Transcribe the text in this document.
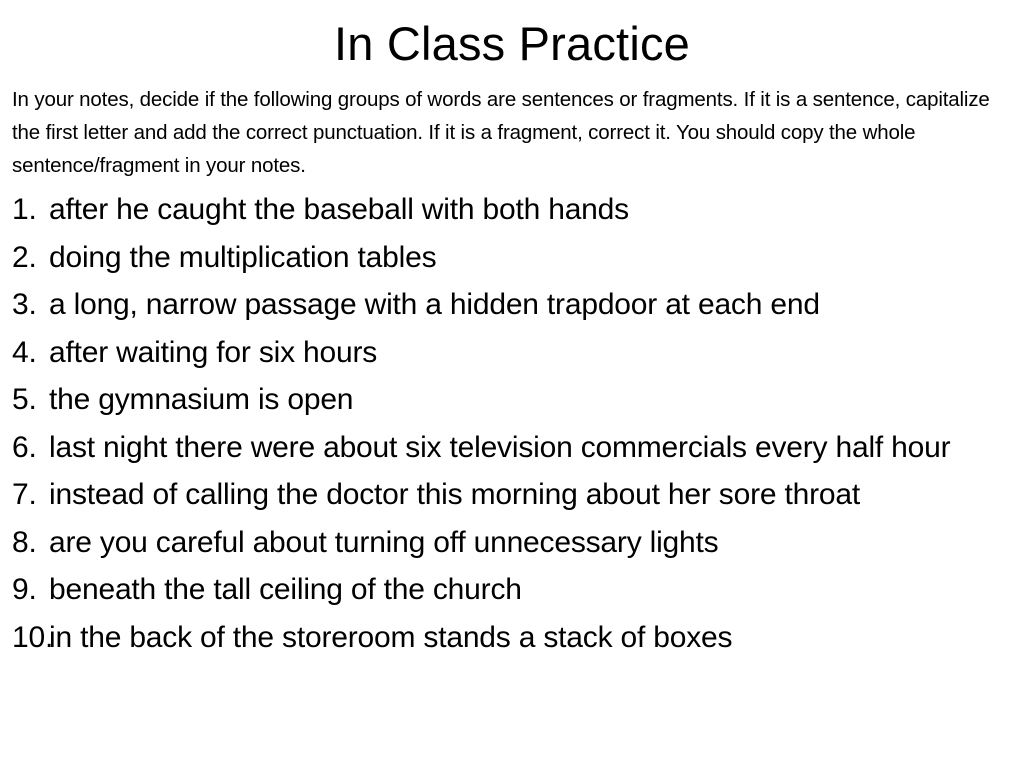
In Class Practice

In your notes, decide if the following groups of words are sentences or fragments. If it is a sentence, capitalize the first letter and add the correct punctuation. If it is a fragment, correct it. You should copy the whole sentence/fragment in your notes.

1. after he caught the baseball with both hands
2. doing the multiplication tables
3. a long, narrow passage with a hidden trapdoor at each end
4. after waiting for six hours
5. the gymnasium is open
6. last night there were about six television commercials every half hour
7. instead of calling the doctor this morning about her sore throat
8. are you careful about turning off unnecessary lights
9. beneath the tall ceiling of the church
10.
in the back of the storeroom stands a stack of boxes
